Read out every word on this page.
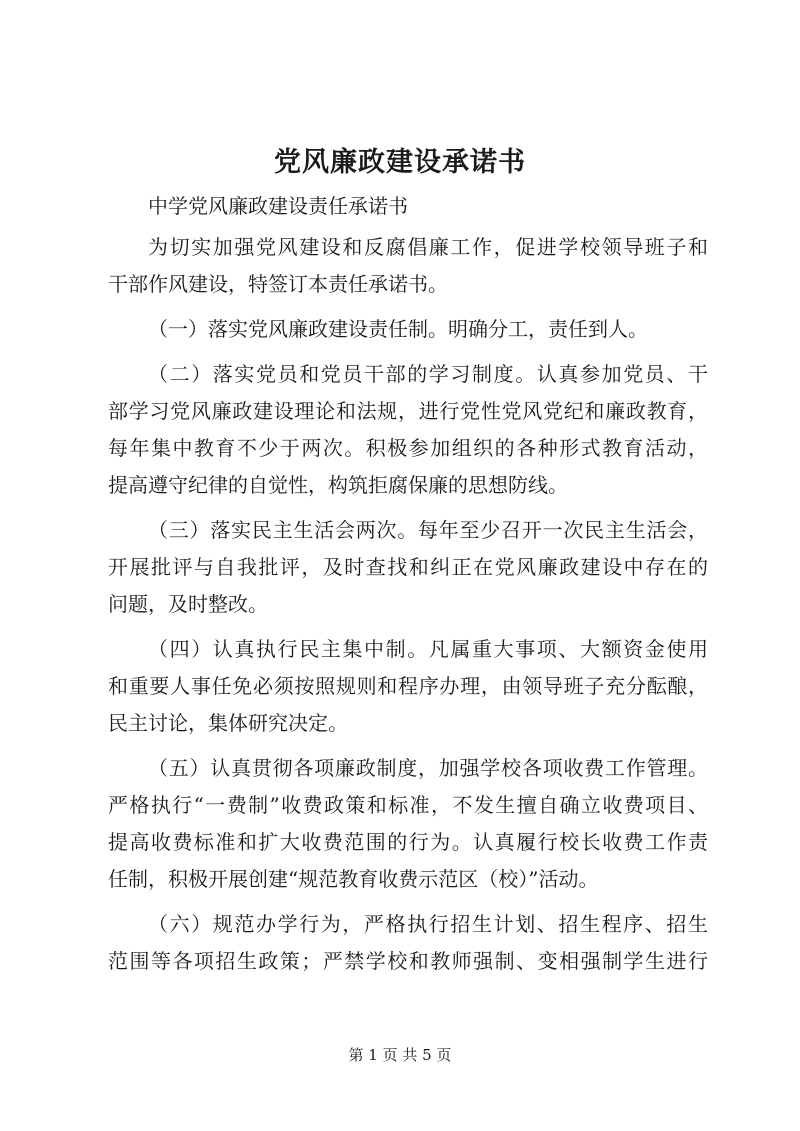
党风廉政建设承诺书
中学党风廉政建设责任承诺书
为切实加强党风建设和反腐倡廉工作，促进学校领导班子和
干部作风建设，特签订本责任承诺书。
（一）落实党风廉政建设责任制。明确分工，责任到人。
（二）落实党员和党员干部的学习制度。认真参加党员、干
部学习党风廉政建设理论和法规，进行党性党风党纪和廉政教育，
每年集中教育不少于两次。积极参加组织的各种形式教育活动，
提高遵守纪律的自觉性，构筑拒腐保廉的思想防线。
（三）落实民主生活会两次。每年至少召开一次民主生活会，
开展批评与自我批评，及时查找和纠正在党风廉政建设中存在的
问题，及时整改。
（四）认真执行民主集中制。凡属重大事项、大额资金使用
和重要人事任免必须按照规则和程序办理，由领导班子充分酝酿，
民主讨论，集体研究决定。
（五）认真贯彻各项廉政制度，加强学校各项收费工作管理。
严格执行“一费制”收费政策和标准，不发生擅自确立收费项目、
提高收费标准和扩大收费范围的行为。认真履行校长收费工作责
任制，积极开展创建“规范教育收费示范区（校）”活动。
（六）规范办学行为，严格执行招生计划、招生程序、招生
范围等各项招生政策；严禁学校和教师强制、变相强制学生进行
第 1 页 共 5 页
